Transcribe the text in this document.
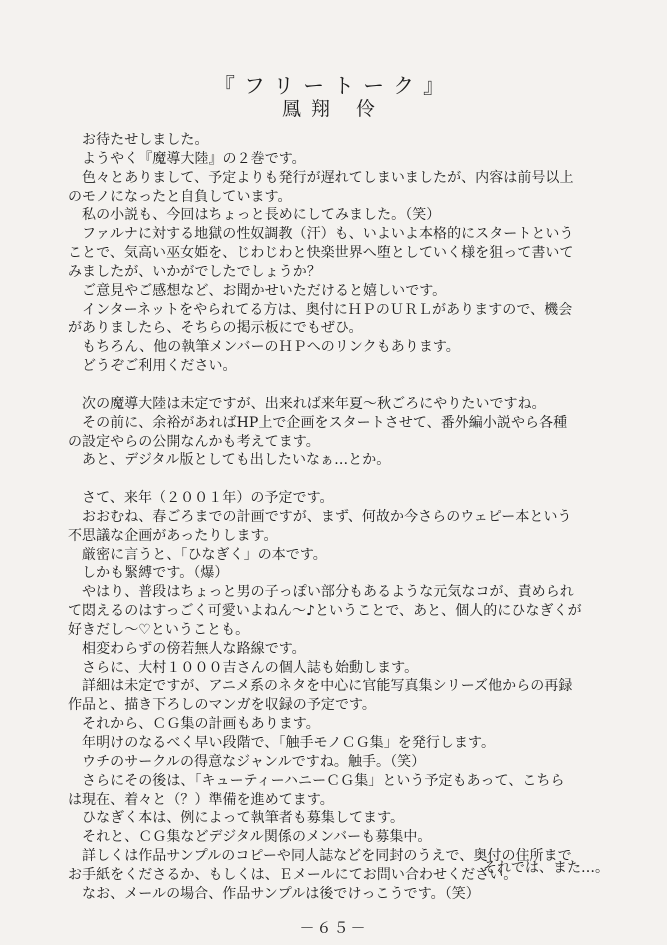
『フリートーク』
鳳翔 伶
　お待たせしました。
　ようやく『魔導大陸』の２巻です。
　色々とありまして、予定よりも発行が遅れてしまいましたが、内容は前号以上
のモノになったと自負しています。
　私の小説も、今回はちょっと長めにしてみました。（笑）
　ファルナに対する地獄の性奴調教（汗）も、いよいよ本格的にスタートという
ことで、気高い巫女姫を、じわじわと快楽世界へ堕としていく様を狙って書いて
みましたが、いかがでしたでしょうか？
　ご意見やご感想など、お聞かせいただけると嬉しいです。
　インターネットをやられてる方は、奥付にＨＰのＵＲＬがありますので、機会
がありましたら、そちらの掲示板にでもぜひ。
　もちろん、他の執筆メンバーのＨＰへのリンクもあります。
　どうぞご利用ください。
　次の魔導大陸は未定ですが、出来れば来年夏～秋ごろにやりたいですね。
　その前に、余裕があればHP上で企画をスタートさせて、番外編小説やら各種
の設定やらの公開なんかも考えてます。
　あと、デジタル版としても出したいなぁ…とか。
　さて、来年（２００１年）の予定です。
　おおむね、春ごろまでの計画ですが、まず、何故か今さらのウェピー本という
不思議な企画があったりします。
　厳密に言うと、「ひなぎく」の本です。
　しかも緊縛です。（爆）
　やはり、普段はちょっと男の子っぽい部分もあるような元気なコが、責められ
て悶えるのはすっごく可愛いよねん～♪ということで、あと、個人的にひなぎくが
好きだし～♡ということも。
　相変わらずの傍若無人な路線です。
　さらに、大村１０００吉さんの個人誌も始動します。
　詳細は未定ですが、アニメ系のネタを中心に官能写真集シリーズ他からの再録
作品と、描き下ろしのマンガを収録の予定です。
　それから、ＣＧ集の計画もあります。
　年明けのなるべく早い段階で、「触手モノＣＧ集」を発行します。
　ウチのサークルの得意なジャンルですね。触手。（笑）
　さらにその後は、「キューティーハニーＣＧ集」という予定もあって、こちら
は現在、着々と（？）準備を進めてます。
　ひなぎく本は、例によって執筆者も募集してます。
　それと、ＣＧ集などデジタル関係のメンバーも募集中。
　詳しくは作品サンプルのコピーや同人誌などを同封のうえで、奥付の住所まで
お手紙をくださるか、もしくは、Ｅメールにてお問い合わせください。
　なお、メールの場合、作品サンプルは後でけっこうです。（笑）
それでは、また…。
－６５－
